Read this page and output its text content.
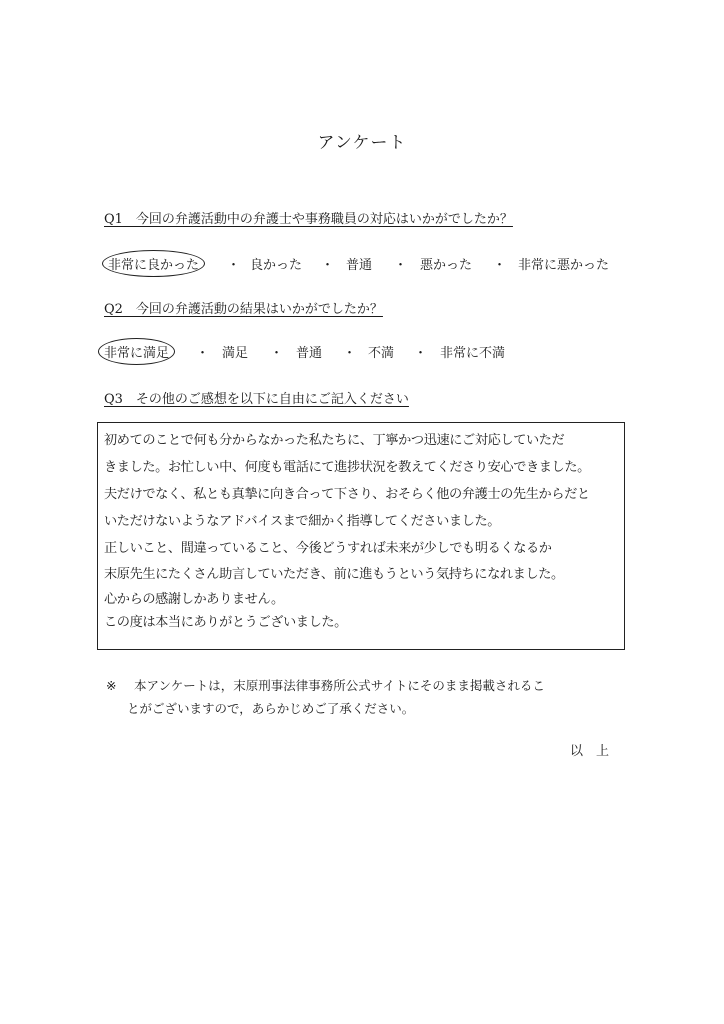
アンケート
Q1　今回の弁護活動中の弁護士や事務職員の対応はいかがでしたか？
非常に良かった	・ 良かった ・ 普通 ・ 悪かった ・ 非常に悪かった
Q2　今回の弁護活動の結果はいかがでしたか？
非常に満足	・ 満足 ・ 普通 ・ 不満 ・ 非常に不満
Q3　その他のご感想を以下に自由にご記入ください
初めてのことで何も分からなかった私たちに、丁寧かつ迅速にご対応していただ
きました。お忙しい中、何度も電話にて進捗状況を教えてくださり安心できました。
夫だけでなく、私とも真摯に向き合って下さり、おそらく他の弁護士の先生からだと
いただけないようなアドバイスまで細かく指導してくださいました。
正しいこと、間違っていること、今後どうすれば未来が少しでも明るくなるか
末原先生にたくさん助言していただき、前に進もうという気持ちになれました。
心からの感謝しかありません。
この度は本当にありがとうございました。
※ 本アンケートは，末原刑事法律事務所公式サイトにそのまま掲載されるこ
とがございますので，あらかじめご了承ください。
以　上
